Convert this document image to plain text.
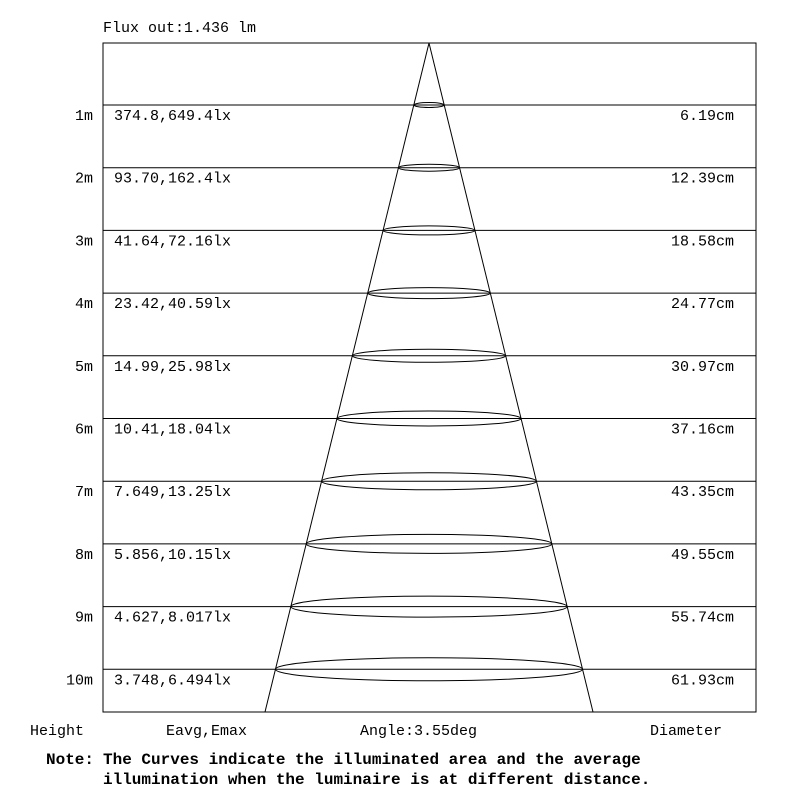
Flux out:1.436 lm
1m 374.8,649.4lx	6.19cm
2m 93.70,162.4lx	12.39cm
3m 41.64,72.16lx	18.58cm
4m 23.42,40.59lx	24.77cm
5m 14.99,25.98lx	30.97cm
6m 10.41,18.04lx	37.16cm
7m 7.649,13.25lx	43.35cm
8m 5.856,10.15lx	49.55cm
9m 4.627,8.017lx	55.74cm
10m 3.748,6.494lx	61.93cm
Height	Eavg,Emax	Angle:3.55deg	Diameter
Note: The Curves indicate the illuminated area and the average
illumination when the luminaire is at different distance.
